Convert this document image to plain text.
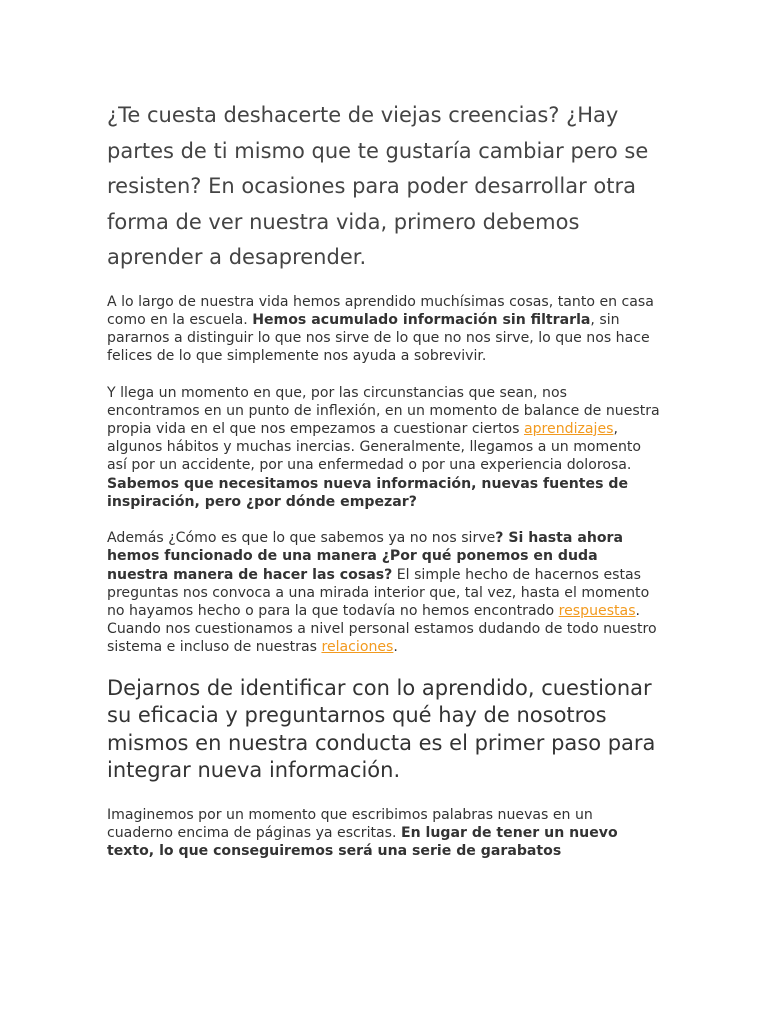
¿Te cuesta deshacerte de viejas creencias? ¿Hay partes de ti mismo que te gustaría cambiar pero se resisten? En ocasiones para poder desarrollar otra forma de ver nuestra vida, primero debemos aprender a desaprender.

A lo largo de nuestra vida hemos aprendido muchísimas cosas, tanto en casa como en la escuela. Hemos acumulado información sin filtrarla, sin pararnos a distinguir lo que nos sirve de lo que no nos sirve, lo que nos hace felices de lo que simplemente nos ayuda a sobrevivir.

Y llega un momento en que, por las circunstancias que sean, nos encontramos en un punto de inflexión, en un momento de balance de nuestra propia vida en el que nos empezamos a cuestionar ciertos aprendizajes, algunos hábitos y muchas inercias. Generalmente, llegamos a un momento así por un accidente, por una enfermedad o por una experiencia dolorosa. Sabemos que necesitamos nueva información, nuevas fuentes de inspiración, pero ¿por dónde empezar?

Además ¿Cómo es que lo que sabemos ya no nos sirve? Si hasta ahora hemos funcionado de una manera ¿Por qué ponemos en duda nuestra manera de hacer las cosas? El simple hecho de hacernos estas preguntas nos convoca a una mirada interior que, tal vez, hasta el momento no hayamos hecho o para la que todavía no hemos encontrado respuestas. Cuando nos cuestionamos a nivel personal estamos dudando de todo nuestro sistema e incluso de nuestras relaciones.

Dejarnos de identificar con lo aprendido, cuestionar su eficacia y preguntarnos qué hay de nosotros mismos en nuestra conducta es el primer paso para integrar nueva información.

Imaginemos por un momento que escribimos palabras nuevas en un cuaderno encima de páginas ya escritas. En lugar de tener un nuevo texto, lo que conseguiremos será una serie de garabatos
